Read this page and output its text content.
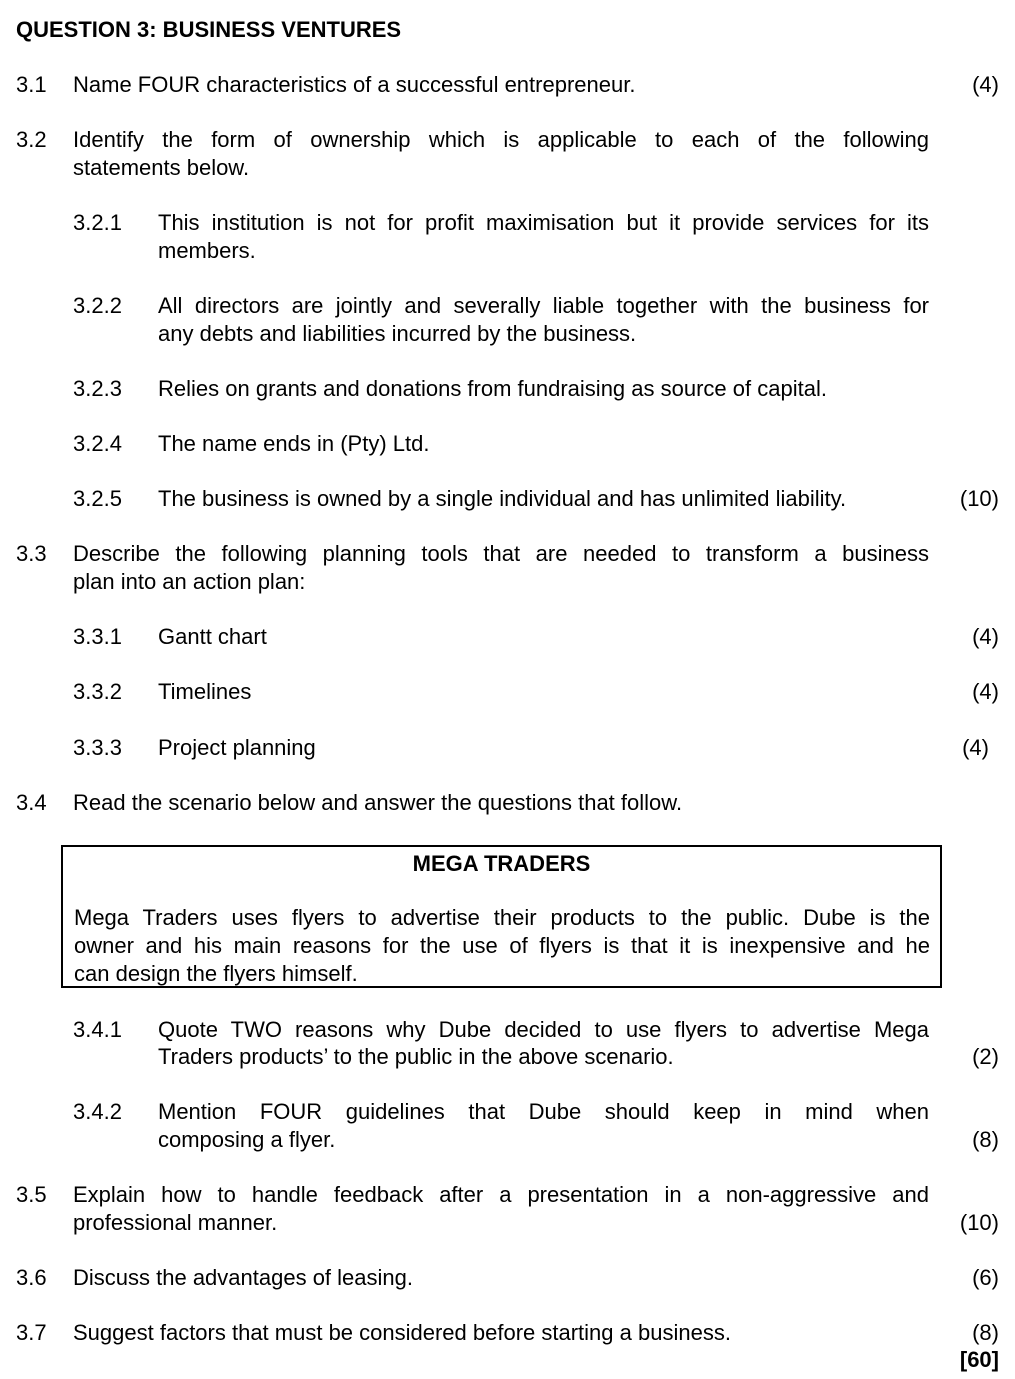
QUESTION 3: BUSINESS VENTURES
3.1 Name FOUR characteristics of a successful entrepreneur.	(4)
3.2 Identify the form of ownership which is applicable to each of the following
statements below.
3.2.1 This institution is not for profit maximisation but it provide services for its
members.
3.2.2 All directors are jointly and severally liable together with the business for
any debts and liabilities incurred by the business.
3.2.3 Relies on grants and donations from fundraising as source of capital.
3.2.4 The name ends in (Pty) Ltd.
3.2.5 The business is owned by a single individual and has unlimited liability.	(10)
3.3 Describe the following planning tools that are needed to transform a business
plan into an action plan:
3.3.1 Gantt chart	(4)
3.3.2 Timelines	(4)
3.3.3 Project planning	(4)
3.4 Read the scenario below and answer the questions that follow.
MEGA TRADERS
Mega Traders uses flyers to advertise their products to the public. Dube is the
owner and his main reasons for the use of flyers is that it is inexpensive and he
can design the flyers himself.
3.4.1 Quote TWO reasons why Dube decided to use flyers to advertise Mega
Traders products’ to the public in the above scenario.	(2)
3.4.2 Mention FOUR guidelines that Dube should keep in mind when
composing a flyer.	(8)
3.5 Explain how to handle feedback after a presentation in a non-aggressive and
professional manner.	(10)
3.6 Discuss the advantages of leasing.	(6)
3.7 Suggest factors that must be considered before starting a business.	(8)
[60]
